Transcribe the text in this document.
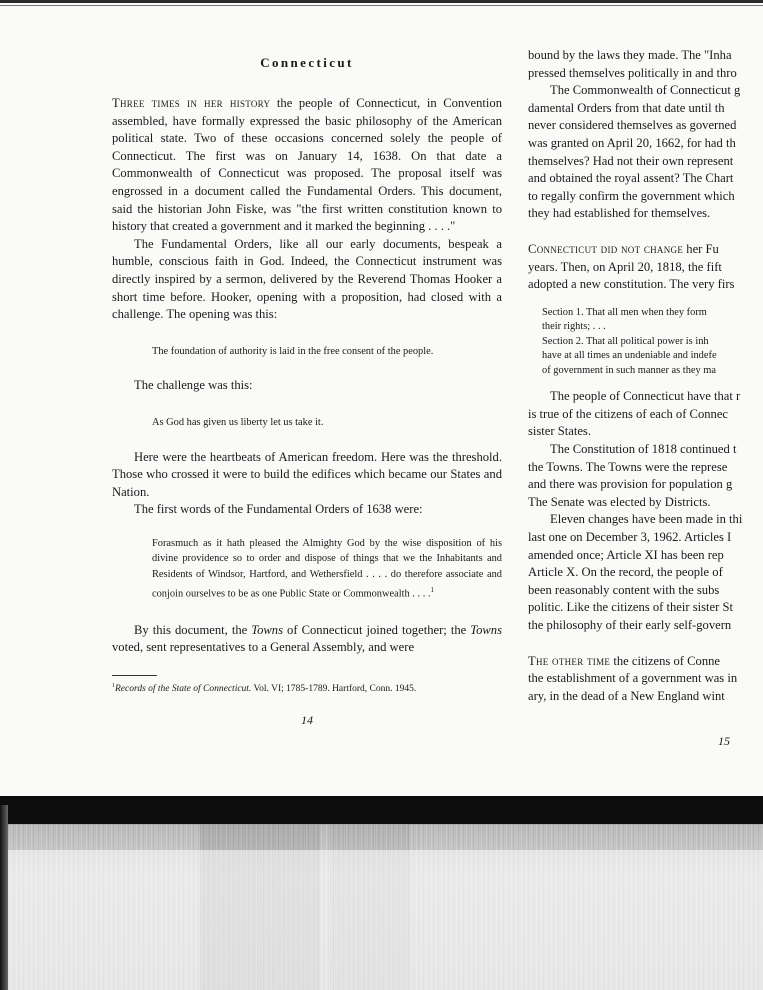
Connecticut

Three times in her history the people of Connecticut, in Convention assembled, have formally expressed the basic philosophy of the American political state. Two of these occasions concerned solely the people of Connecticut. The first was on January 14, 1638. On that date a Commonwealth of Connecticut was proposed. The proposal itself was engrossed in a document called the Fundamental Orders. This document, said the historian John Fiske, was "the first written constitution known to history that created a government and it marked the beginning . . . ."

The Fundamental Orders, like all our early documents, bespeak a humble, conscious faith in God. Indeed, the Connecticut instrument was directly inspired by a sermon, delivered by the Reverend Thomas Hooker a short time before. Hooker, opening with a proposition, had closed with a challenge. The opening was this:

The foundation of authority is laid in the free consent of the people.

The challenge was this:

As God has given us liberty let us take it.

Here were the heartbeats of American freedom. Here was the threshold. Those who crossed it were to build the edifices which became our States and Nation.

The first words of the Fundamental Orders of 1638 were:

Forasmuch as it hath pleased the Almighty God by the wise disposition of his divine providence so to order and dispose of things that we the Inhabitants and Residents of Windsor, Hartford, and Wethersfield . . . . do therefore associate and conjoin ourselves to be as one Public State or Commonwealth . . . .$^1$

By this document, the Towns of Connecticut joined together; the Towns voted, sent representatives to a General Assembly, and were

$^1$Records of the State of Connecticut. Vol. VI; 1785-1789. Hartford, Conn. 1945.
14
bound by the laws they made. The "Inha
pressed themselves politically in and thro
The Commonwealth of Connecticut g
damental Orders from that date until th
never considered themselves as governed
was granted on April 20, 1662, for had th
themselves? Had not their own represent
and obtained the royal assent? The Chart
to regally confirm the government which
they had established for themselves.
Connecticut did not change her Fu
years. Then, on April 20, 1818, the fift
adopted a new constitution. The very firs
Section 1. That all men when they form
their rights; . . .
Section 2. That all political power is inh
have at all times an undeniable and indefe
of government in such manner as they ma
The people of Connecticut have that r
is true of the citizens of each of Connec
sister States.
The Constitution of 1818 continued t
the Towns. The Towns were the represe
and there was provision for population g
The Senate was elected by Districts.
Eleven changes have been made in thi
last one on December 3, 1962. Articles I
amended once; Article XI has been rep
Article X. On the record, the people of
been reasonably content with the subs
politic. Like the citizens of their sister St
the philosophy of their early self-govern
The other time the citizens of Conne
the establishment of a government was in
ary, in the dead of a New England wint
15
